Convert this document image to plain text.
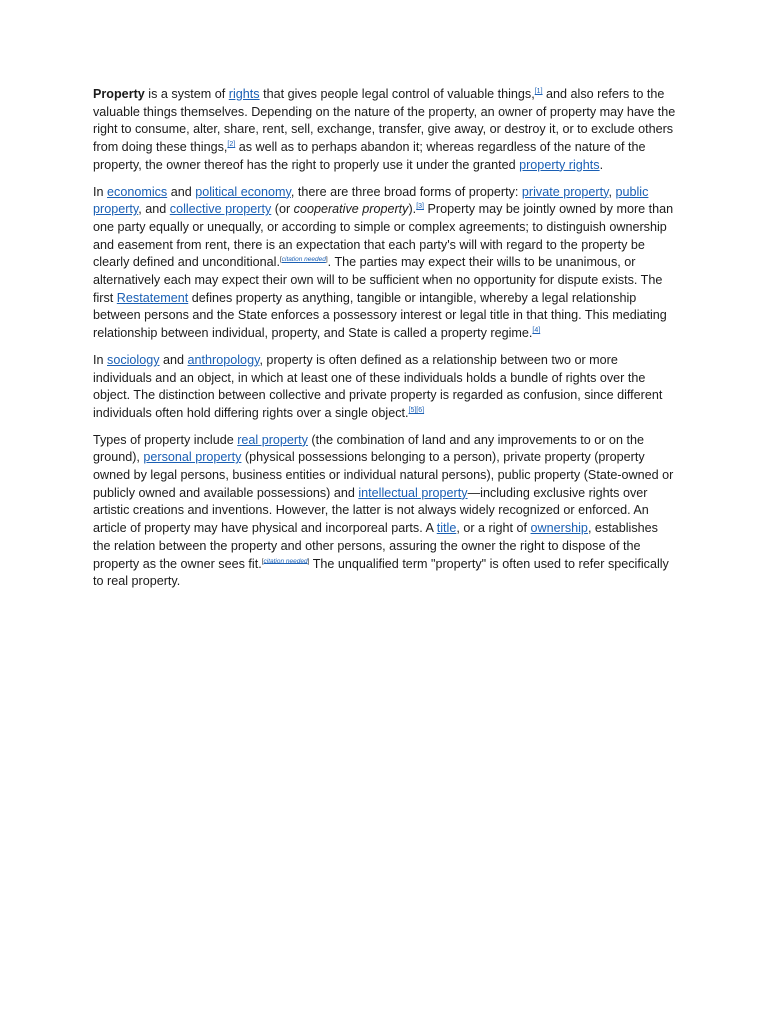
Property is a system of rights that gives people legal control of valuable things,[1] and also refers to the valuable things themselves. Depending on the nature of the property, an owner of property may have the right to consume, alter, share, rent, sell, exchange, transfer, give away, or destroy it, or to exclude others from doing these things,[2] as well as to perhaps abandon it; whereas regardless of the nature of the property, the owner thereof has the right to properly use it under the granted property rights.

In economics and political economy, there are three broad forms of property: private property, public property, and collective property (or cooperative property).[3] Property may be jointly owned by more than one party equally or unequally, or according to simple or complex agreements; to distinguish ownership and easement from rent, there is an expectation that each party's will with regard to the property be clearly defined and unconditional.[citation needed]. The parties may expect their wills to be unanimous, or alternatively each may expect their own will to be sufficient when no opportunity for dispute exists. The first Restatement defines property as anything, tangible or intangible, whereby a legal relationship between persons and the State enforces a possessory interest or legal title in that thing. This mediating relationship between individual, property, and State is called a property regime.[4]

In sociology and anthropology, property is often defined as a relationship between two or more individuals and an object, in which at least one of these individuals holds a bundle of rights over the object. The distinction between collective and private property is regarded as confusion, since different individuals often hold differing rights over a single object.[5][6]

Types of property include real property (the combination of land and any improvements to or on the ground), personal property (physical possessions belonging to a person), private property (property owned by legal persons, business entities or individual natural persons), public property (State-owned or publicly owned and available possessions) and intellectual property—including exclusive rights over artistic creations and inventions. However, the latter is not always widely recognized or enforced. An article of property may have physical and incorporeal parts. A title, or a right of ownership, establishes the relation between the property and other persons, assuring the owner the right to dispose of the property as the owner sees fit.[citation needed] The unqualified term "property" is often used to refer specifically to real property.
